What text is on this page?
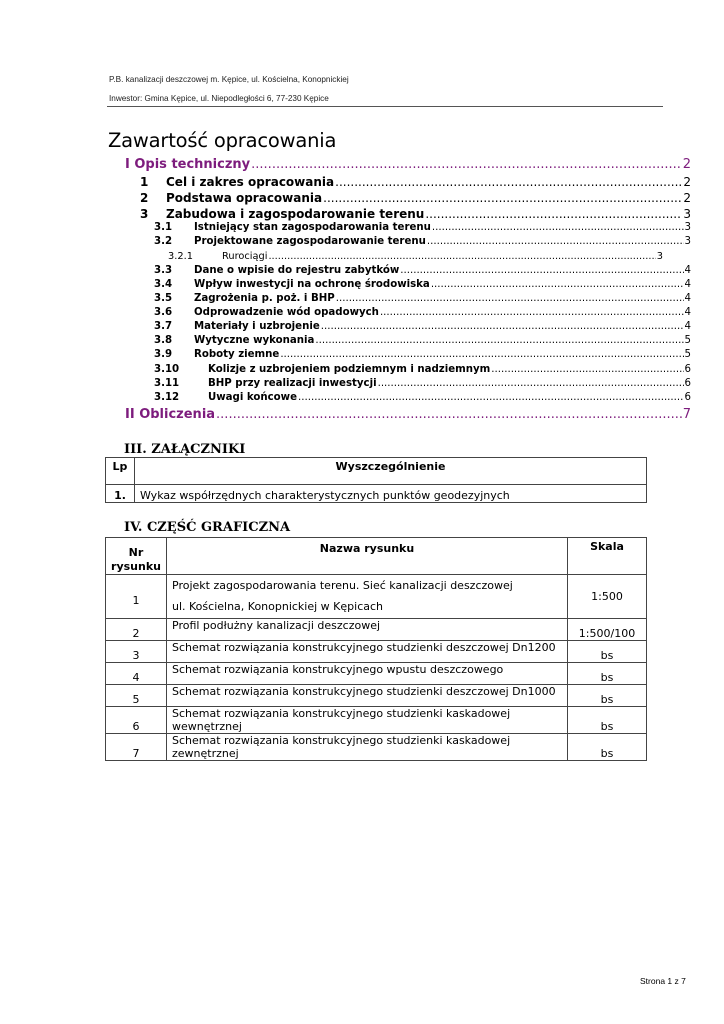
P.B. kanalizacji deszczowej m. Kępice, ul. Kościelna, Konopnickiej
Inwestor: Gmina Kępice, ul. Niepodległości 6, 77-230 Kępice
Zawartość opracowania
I Opis techniczny .....	2
1	Cel i zakres opracowania .....	2
2	Podstawa opracowania .....	2
3	Zabudowa i zagospodarowanie terenu .....	3
3.1	Istniejący stan zagospodarowania terenu .....	3
3.2	Projektowane zagospodarowanie terenu .....	3
3.2.1	Rurociągi .....	3
3.3	Dane o wpisie do rejestru zabytków .....	4
3.4	Wpływ inwestycji na ochronę środowiska .....	4
3.5	Zagrożenia p. poż. i BHP .....	4
3.6	Odprowadzenie wód opadowych .....	4
3.7	Materiały i uzbrojenie .....	4
3.8	Wytyczne wykonania .....	5
3.9	Roboty ziemne .....	5
3.10	Kolizje z uzbrojeniem podziemnym i nadziemnym .....	6
3.11	BHP przy realizacji inwestycji .....	6
3.12	Uwagi końcowe .....	6
II Obliczenia .....	7
III. ZAŁĄCZNIKI
Lp	Wyszczególnienie
1.	Wykaz współrzędnych charakterystycznych punktów geodezyjnych
IV. CZĘŚĆ GRAFICZNA
Nr rysunku	Nazwa rysunku	Skala
1	Projekt zagospodarowania terenu. Sieć kanalizacji deszczowej
ul. Kościelna, Konopnickiej w Kępicach	1:500
2	Profil podłużny kanalizacji deszczowej	1:500/100
3	Schemat rozwiązania konstrukcyjnego studzienki deszczowej Dn1200	bs
4	Schemat rozwiązania konstrukcyjnego wpustu deszczowego	bs
5	Schemat rozwiązania konstrukcyjnego studzienki deszczowej Dn1000	bs
6	Schemat rozwiązania konstrukcyjnego studzienki kaskadowej wewnętrznej	bs
7	Schemat rozwiązania konstrukcyjnego studzienki kaskadowej zewnętrznej	bs
Strona 1 z 7
